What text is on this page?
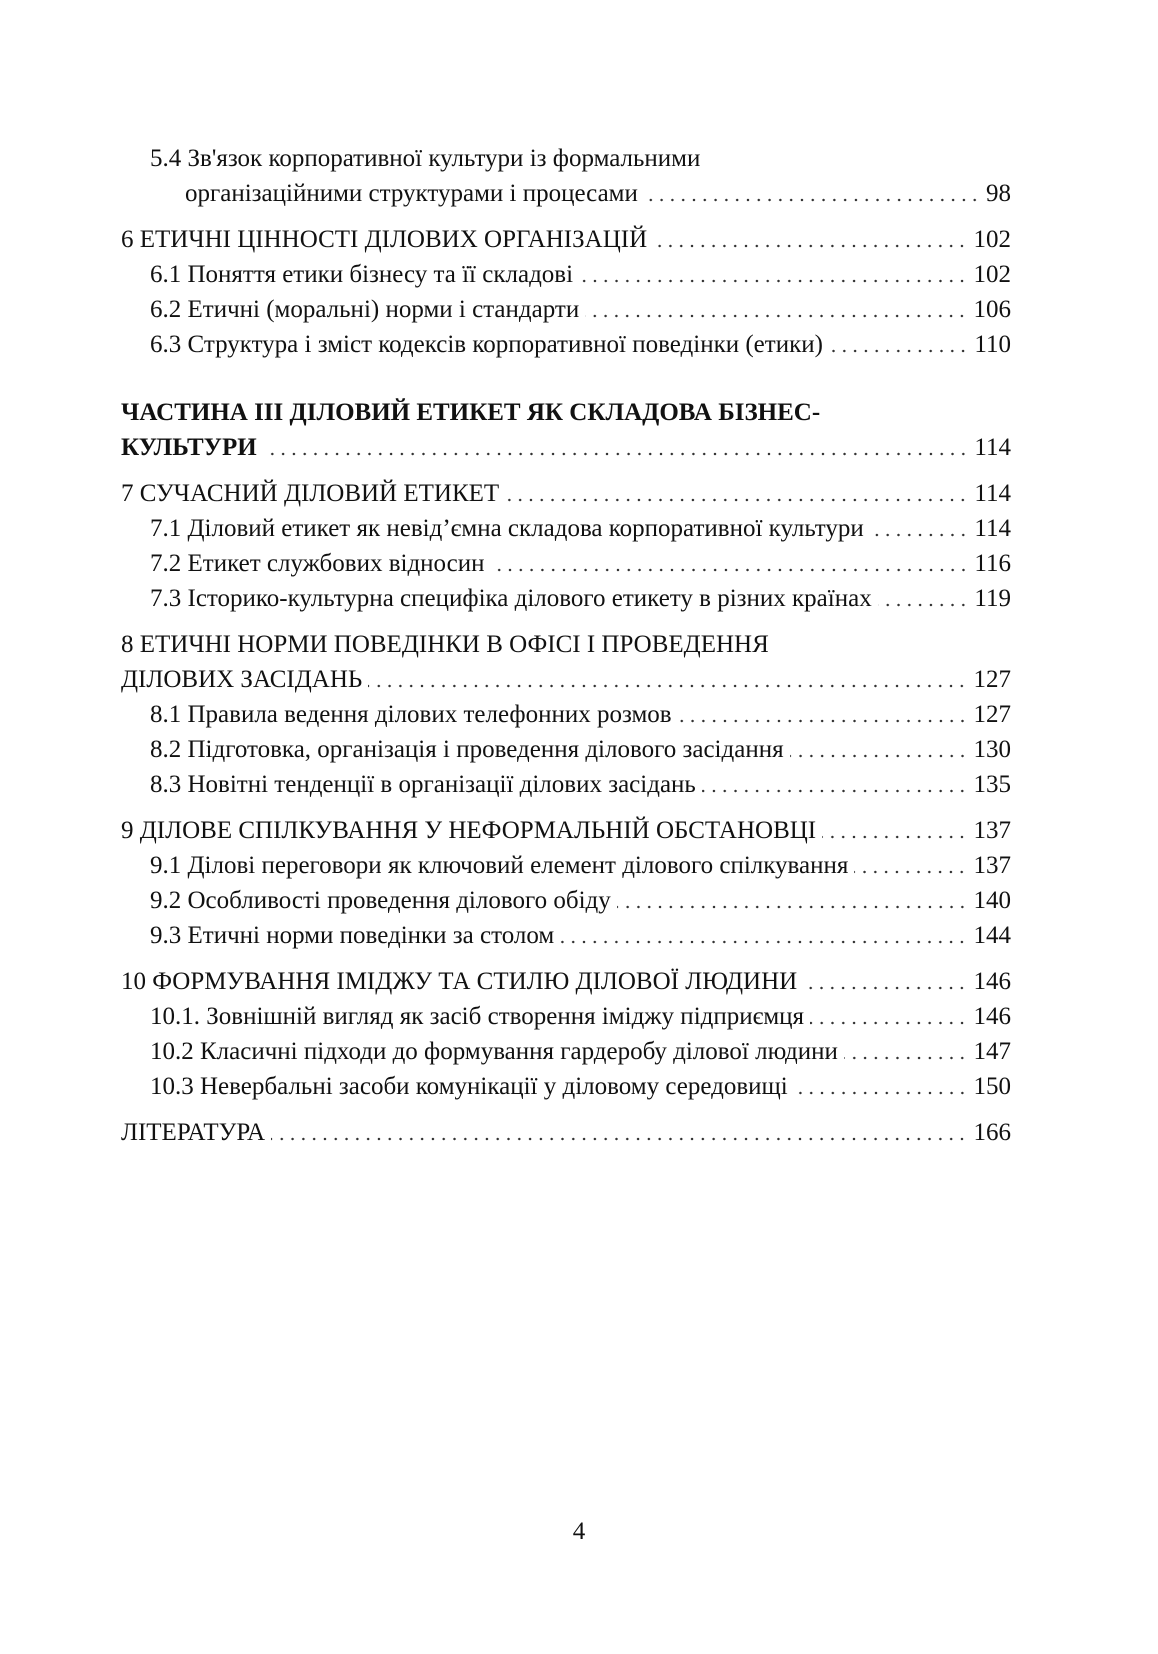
5.4 Зв'язок корпоративної культури із формальними
організаційними структурами і процесами	98
6 ЕТИЧНІ ЦІННОСТІ ДІЛОВИХ ОРГАНІЗАЦІЙ	102
6.1 Поняття етики бізнесу та її складові	102
6.2 Етичні (моральні) норми і стандарти	106
6.3 Структура і зміст кодексів корпоративної поведінки (етики)	110
ЧАСТИНА ІІІ ДІЛОВИЙ ЕТИКЕТ ЯК СКЛАДОВА БІЗНЕС-
КУЛЬТУРИ	114
7 СУЧАСНИЙ ДІЛОВИЙ ЕТИКЕТ	114
7.1 Діловий етикет як невід’ємна складова корпоративної культури	114
7.2 Етикет службових відносин	116
7.3 Історико-культурна специфіка ділового етикету в різних країнах	119
8 ЕТИЧНІ НОРМИ ПОВЕДІНКИ В ОФІСІ І ПРОВЕДЕННЯ
ДІЛОВИХ ЗАСІДАНЬ	127
8.1 Правила ведення ділових телефонних розмов	127
8.2 Підготовка, організація і проведення ділового засідання	130
8.3 Новітні тенденції в організації ділових засідань	135
9 ДІЛОВЕ СПІЛКУВАННЯ У НЕФОРМАЛЬНІЙ ОБСТАНОВЦІ	137
9.1 Ділові переговори як ключовий елемент ділового спілкування	137
9.2 Особливості проведення ділового обіду	140
9.3 Етичні норми поведінки за столом	144
10 ФОРМУВАННЯ ІМІДЖУ ТА СТИЛЮ ДІЛОВОЇ ЛЮДИНИ	146
10.1. Зовнішній вигляд як засіб створення іміджу підприємця	146
10.2 Класичні підходи до формування гардеробу ділової людини	147
10.3 Невербальні засоби комунікації у діловому середовищі	150
ЛІТЕРАТУРА	166
4
